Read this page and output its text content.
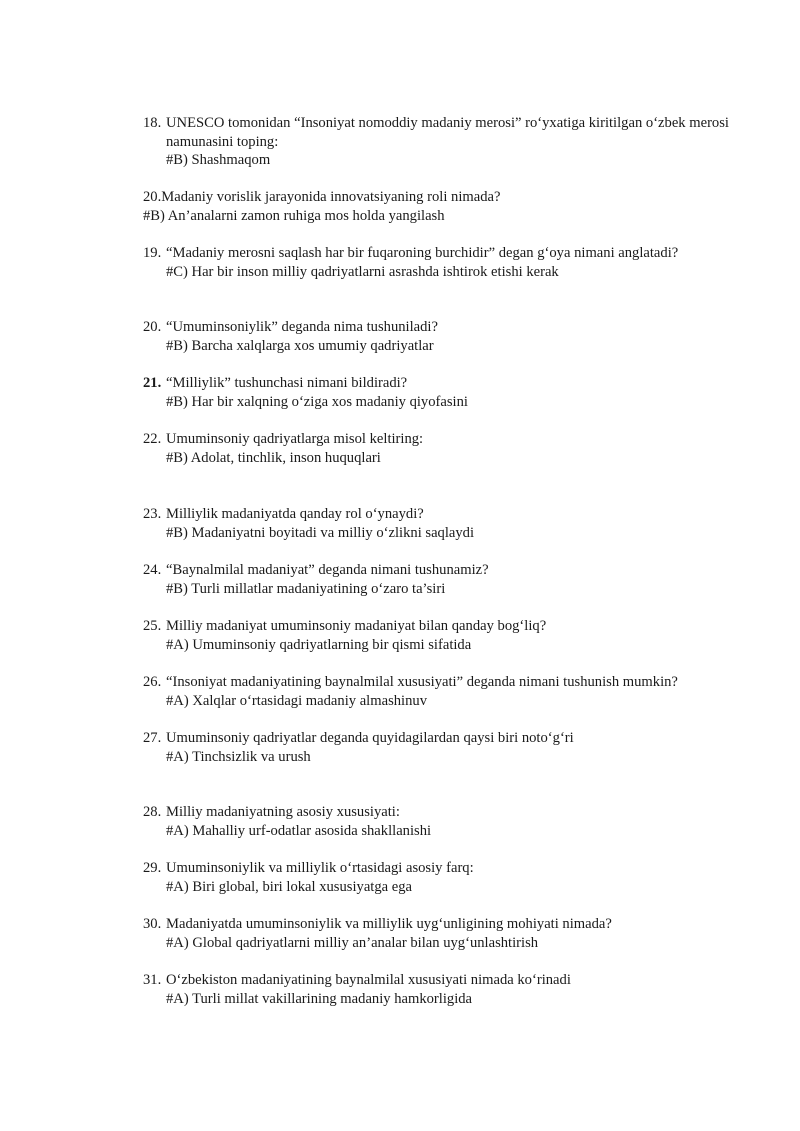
18. UNESCO tomonidan “Insoniyat nomoddiy madaniy merosi” ro‘yxatiga kiritilgan o‘zbek merosi namunasini toping:
#B) Shashmaqom
20. Madaniy vorislik jarayonida innovatsiyaning roli nimada?
#B) An’analarni zamon ruhiga mos holda yangilash
19. “Madaniy merosni saqlash har bir fuqaroning burchidir” degan g‘oya nimani anglatadi?
#C) Har bir inson milliy qadriyatlarni asrashda ishtirok etishi kerak
20. “Umuminsoniylik” deganda nima tushuniladi?
#B) Barcha xalqlarga xos umumiy qadriyatlar
21. “Milliylik” tushunchasi nimani bildiradi?
#B) Har bir xalqning o‘ziga xos madaniy qiyofasini
22. Umuminsoniy qadriyatlarga misol keltiring:
#B) Adolat, tinchlik, inson huquqlari
23. Milliylik madaniyatda qanday rol o‘ynaydi?
#B) Madaniyatni boyitadi va milliy o‘zlikni saqlaydi
24. “Baynalmilal madaniyat” deganda nimani tushunamiz?
#B) Turli millatlar madaniyatining o‘zaro ta’siri
25. Milliy madaniyat umuminsoniy madaniyat bilan qanday bog‘liq?
#A) Umuminsoniy qadriyatlarning bir qismi sifatida
26. “Insoniyat madaniyatining baynalmilal xususiyati” deganda nimani tushunish mumkin?
#A) Xalqlar o‘rtasidagi madaniy almashinuv
27. Umuminsoniy qadriyatlar deganda quyidagilardan qaysi biri noto‘g‘ri
#A) Tinchsizlik va urush
28. Milliy madaniyatning asosiy xususiyati:
#A) Mahalliy urf-odatlar asosida shakllanishi
29. Umuminsoniylik va milliylik o‘rtasidagi asosiy farq:
#A) Biri global, biri lokal xususiyatga ega
30. Madaniyatda umuminsoniylik va milliylik uyg‘unligining mohiyati nimada?
#A) Global qadriyatlarni milliy an’analar bilan uyg‘unlashtirish
31. O‘zbekiston madaniyatining baynalmilal xususiyati nimada ko‘rinadi
#A) Turli millat vakillarining madaniy hamkorligida
